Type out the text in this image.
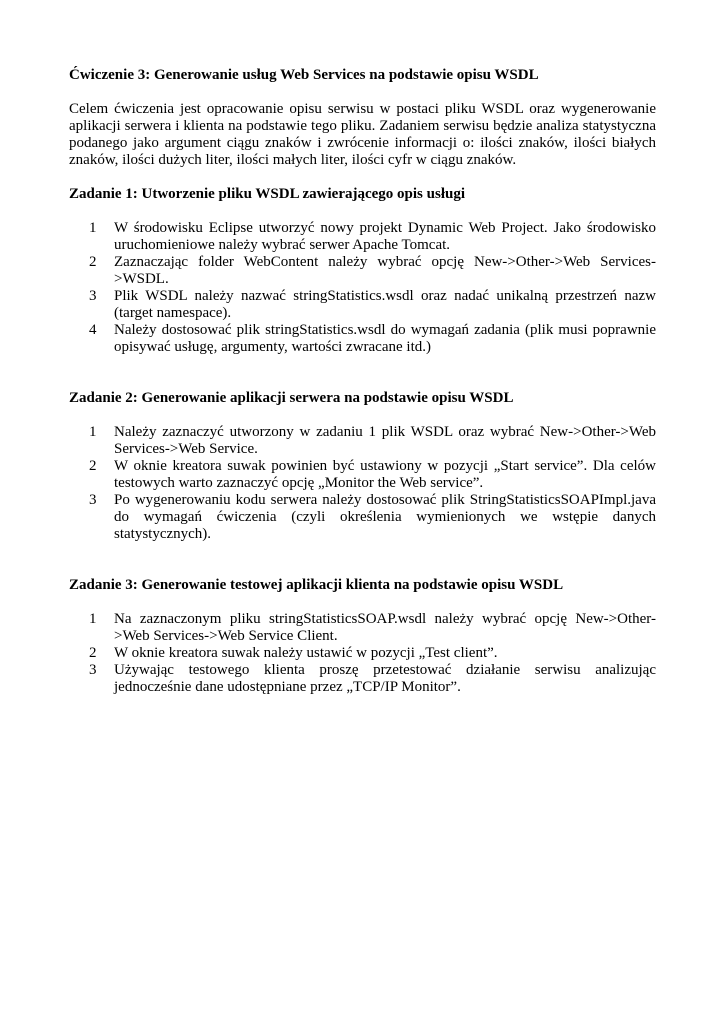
Ćwiczenie 3: Generowanie usług Web Services na podstawie opisu WSDL

Celem ćwiczenia jest opracowanie opisu serwisu w postaci pliku WSDL oraz wygenerowanie aplikacji serwera i klienta na podstawie tego pliku. Zadaniem serwisu będzie analiza statystyczna podanego jako argument ciągu znaków i zwrócenie informacji o: ilości znaków, ilości białych znaków, ilości dużych liter, ilości małych liter, ilości cyfr w ciągu znaków.

Zadanie 1: Utworzenie pliku WSDL zawierającego opis usługi
1 W środowisku Eclipse utworzyć nowy projekt Dynamic Web Project. Jako środowisko uruchomieniowe należy wybrać serwer Apache Tomcat.
2 Zaznaczając folder WebContent należy wybrać opcję New->Other->Web Services->WSDL.
3 Plik WSDL należy nazwać stringStatistics.wsdl oraz nadać unikalną przestrzeń nazw (target namespace).
4 Należy dostosować plik stringStatistics.wsdl do wymagań zadania (plik musi poprawnie opisywać usługę, argumenty, wartości zwracane itd.)
Zadanie 2: Generowanie aplikacji serwera na podstawie opisu WSDL
1 Należy zaznaczyć utworzony w zadaniu 1 plik WSDL oraz wybrać New->Other->Web Services->Web Service.
2 W oknie kreatora suwak powinien być ustawiony w pozycji „Start service”. Dla celów testowych warto zaznaczyć opcję „Monitor the Web service”.
3 Po wygenerowaniu kodu serwera należy dostosować plik StringStatisticsSOAPImpl.java do wymagań ćwiczenia (czyli określenia wymienionych we wstępie danych statystycznych).
Zadanie 3: Generowanie testowej aplikacji klienta na podstawie opisu WSDL
1 Na zaznaczonym pliku stringStatisticsSOAP.wsdl należy wybrać opcję New->Other->Web Services->Web Service Client.
2 W oknie kreatora suwak należy ustawić w pozycji „Test client”.
3 Używając testowego klienta proszę przetestować działanie serwisu analizując jednocześnie dane udostępniane przez „TCP/IP Monitor”.
